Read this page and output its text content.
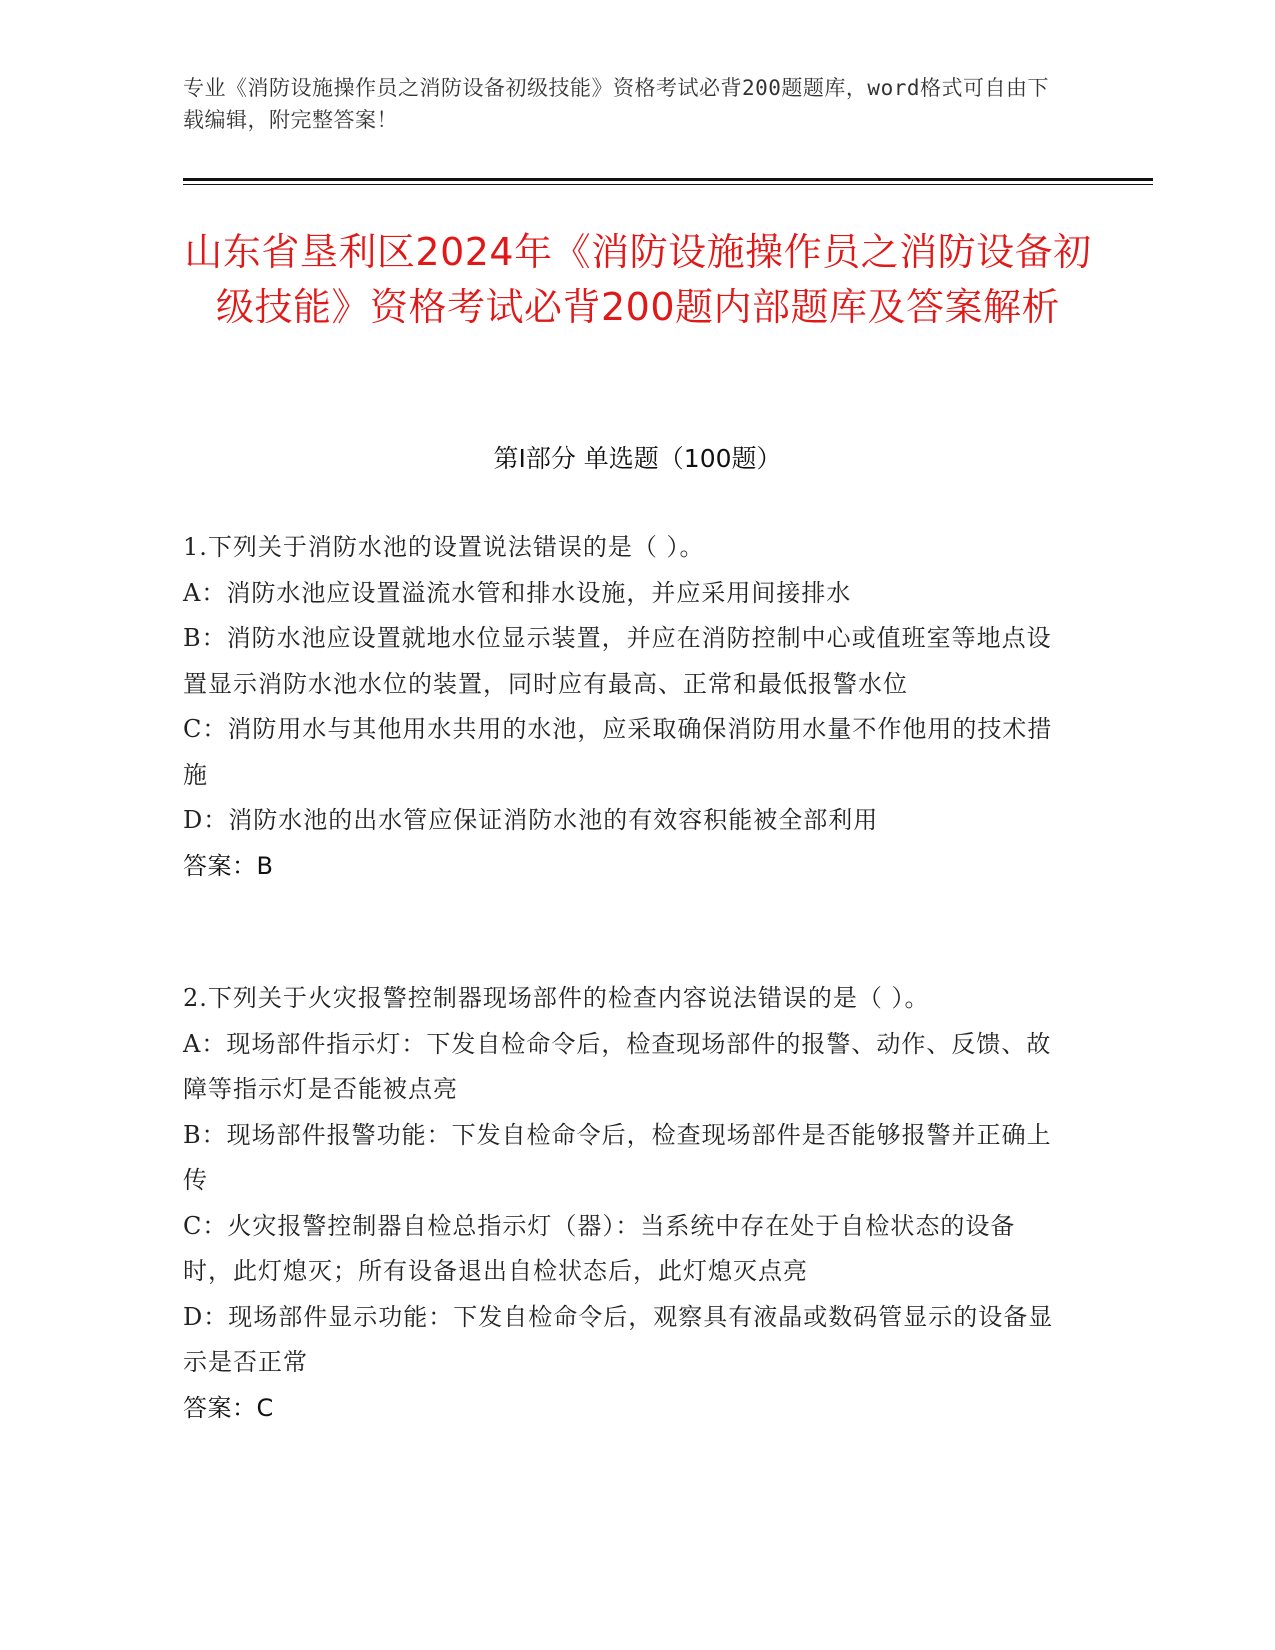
专业《消防设施操作员之消防设备初级技能》资格考试必背200题题库，word格式可自由下载编辑，附完整答案！
山东省垦利区2024年《消防设施操作员之消防设备初级技能》资格考试必背200题内部题库及答案解析
第I部分 单选题（100题）

1.下列关于消防水池的设置说法错误的是（ ）。

A：消防水池应设置溢流水管和排水设施，并应采用间接排水

B：消防水池应设置就地水位显示装置，并应在消防控制中心或值班室等地点设置显示消防水池水位的装置，同时应有最高、正常和最低报警水位

C：消防用水与其他用水共用的水池，应采取确保消防用水量不作他用的技术措施

D：消防水池的出水管应保证消防水池的有效容积能被全部利用

答案：B

2.下列关于火灾报警控制器现场部件的检查内容说法错误的是（ ）。

A：现场部件指示灯：下发自检命令后，检查现场部件的报警、动作、反馈、故障等指示灯是否能被点亮

B：现场部件报警功能：下发自检命令后，检查现场部件是否能够报警并正确上传

C：火灾报警控制器自检总指示灯（器）：当系统中存在处于自检状态的设备时，此灯熄灭；所有设备退出自检状态后，此灯熄灭点亮

D：现场部件显示功能：下发自检命令后，观察具有液晶或数码管显示的设备显示是否正常

答案：C
